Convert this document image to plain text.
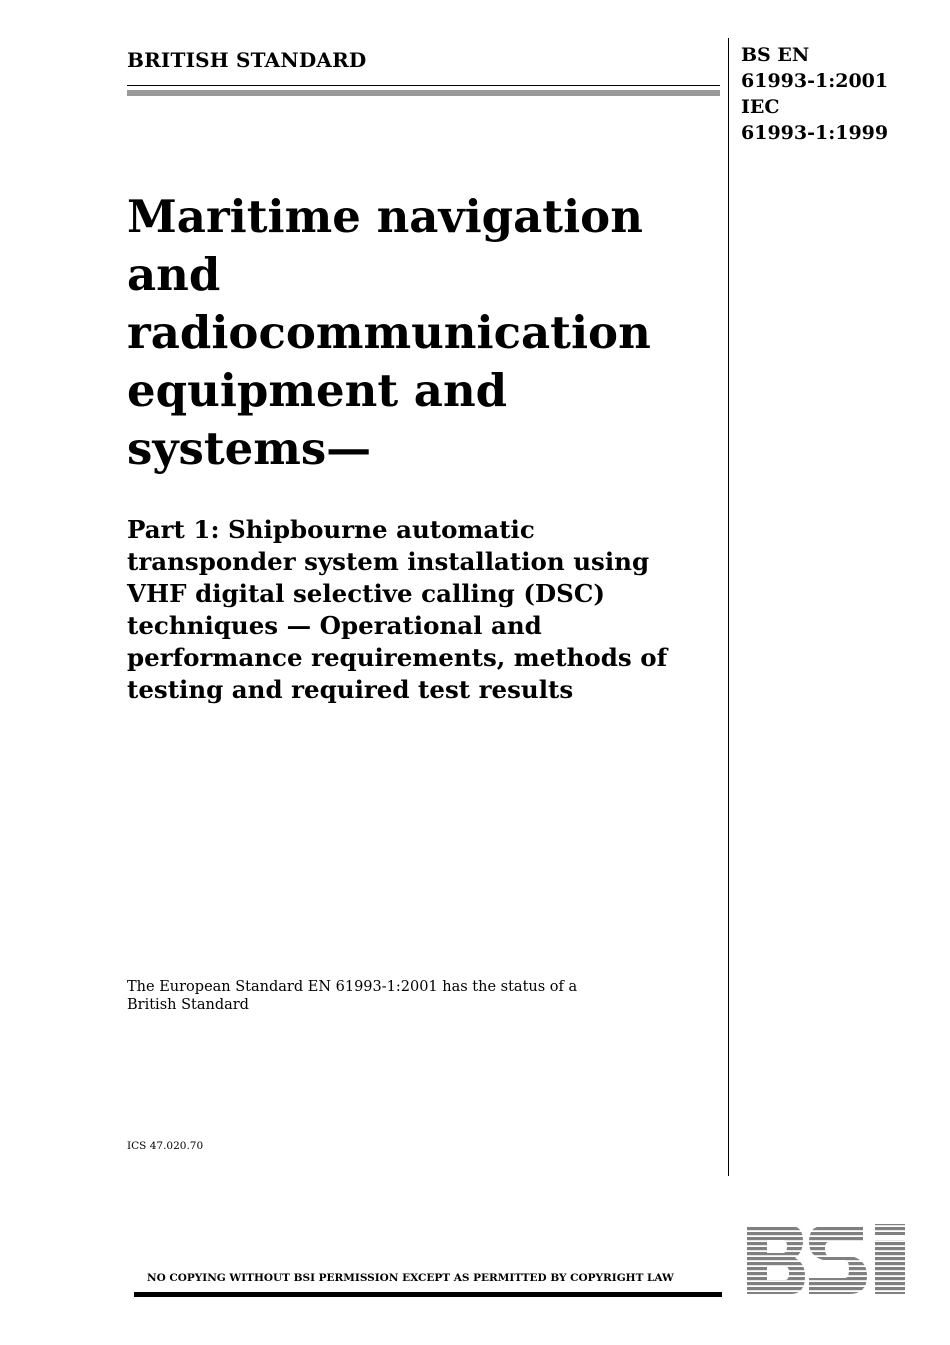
BRITISH STANDARD	BS EN
61993-1:2001
IEC
61993-1:1999
Maritime navigation
and
radiocommunication
equipment and
systems—
Part 1: Shipbourne automatic
transponder system installation using
VHF digital selective calling (DSC)
techniques — Operational and
performance requirements, methods of
testing and required test results
The European Standard EN 61993-1:2001 has the status of a
British Standard
ICS 47.020.70
NO COPYING WITHOUT BSI PERMISSION EXCEPT AS PERMITTED BY COPYRIGHT LAW
